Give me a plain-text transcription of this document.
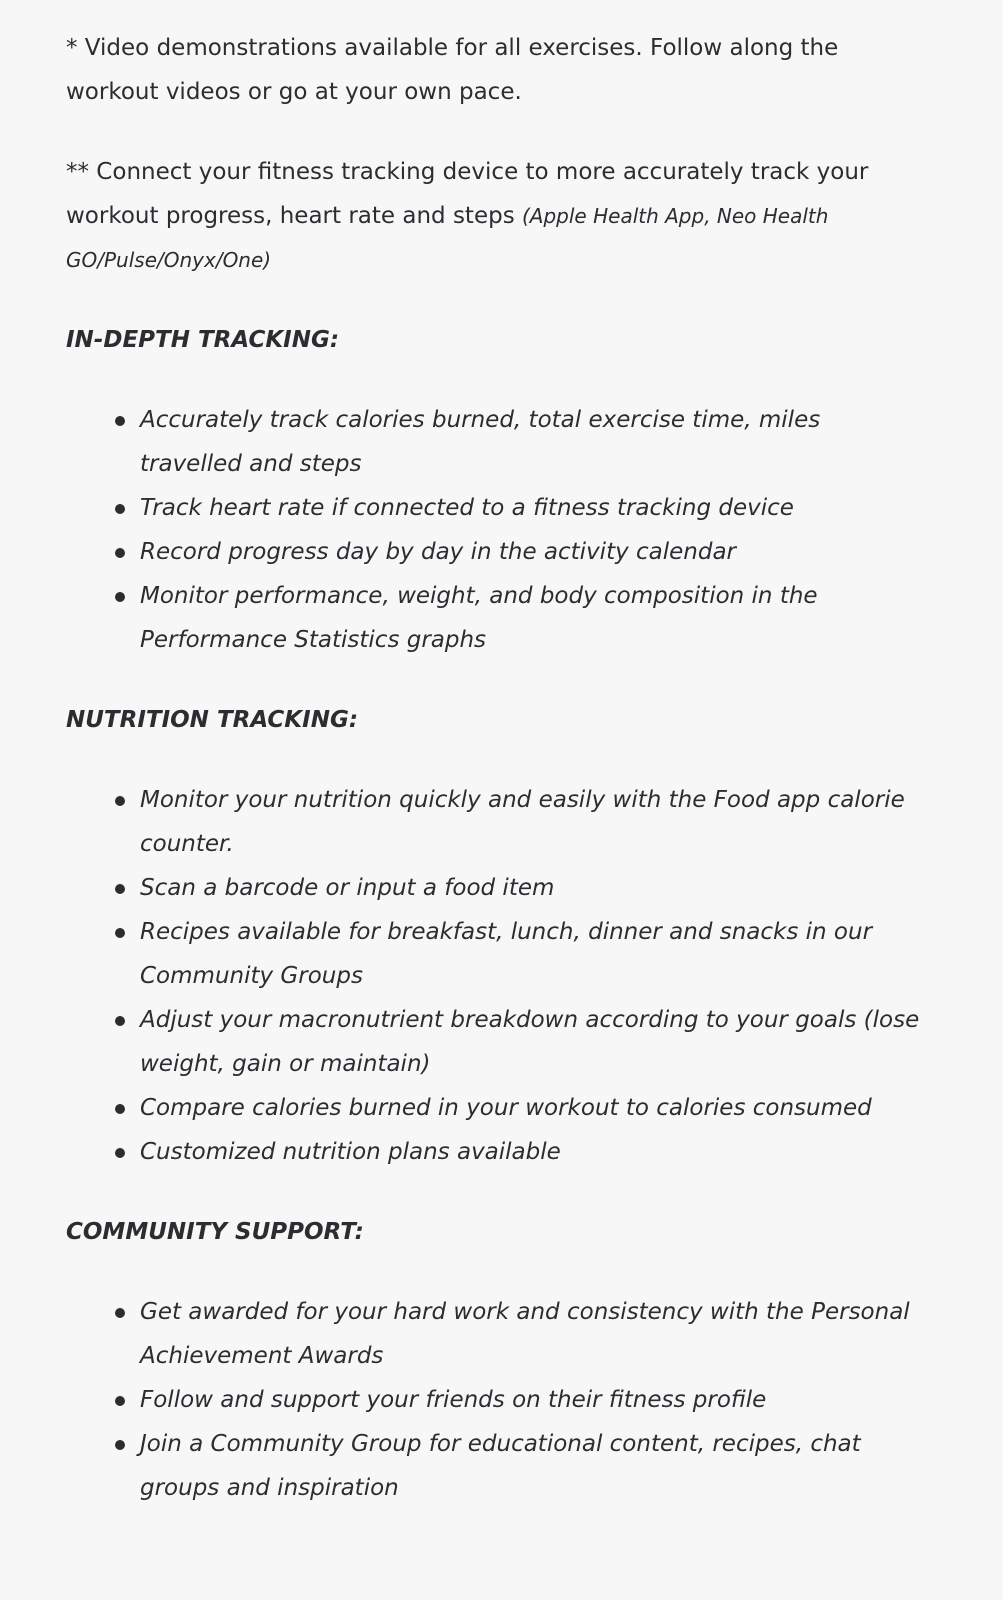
* Video demonstrations available for all exercises. Follow along the workout videos or go at your own pace.

** Connect your fitness tracking device to more accurately track your workout progress, heart rate and steps (Apple Health App, Neo Health GO/Pulse/Onyx/One)

IN-DEPTH TRACKING:

Accurately track calories burned, total exercise time, miles travelled and steps
Track heart rate if connected to a fitness tracking device
Record progress day by day in the activity calendar
Monitor performance, weight, and body composition in the Performance Statistics graphs

NUTRITION TRACKING:

Monitor your nutrition quickly and easily with the Food app calorie counter.
Scan a barcode or input a food item
Recipes available for breakfast, lunch, dinner and snacks in our Community Groups
Adjust your macronutrient breakdown according to your goals (lose weight, gain or maintain)
Compare calories burned in your workout to calories consumed
Customized nutrition plans available

COMMUNITY SUPPORT:

Get awarded for your hard work and consistency with the Personal Achievement Awards
Follow and support your friends on their fitness profile
Join a Community Group for educational content, recipes, chat groups and inspiration
